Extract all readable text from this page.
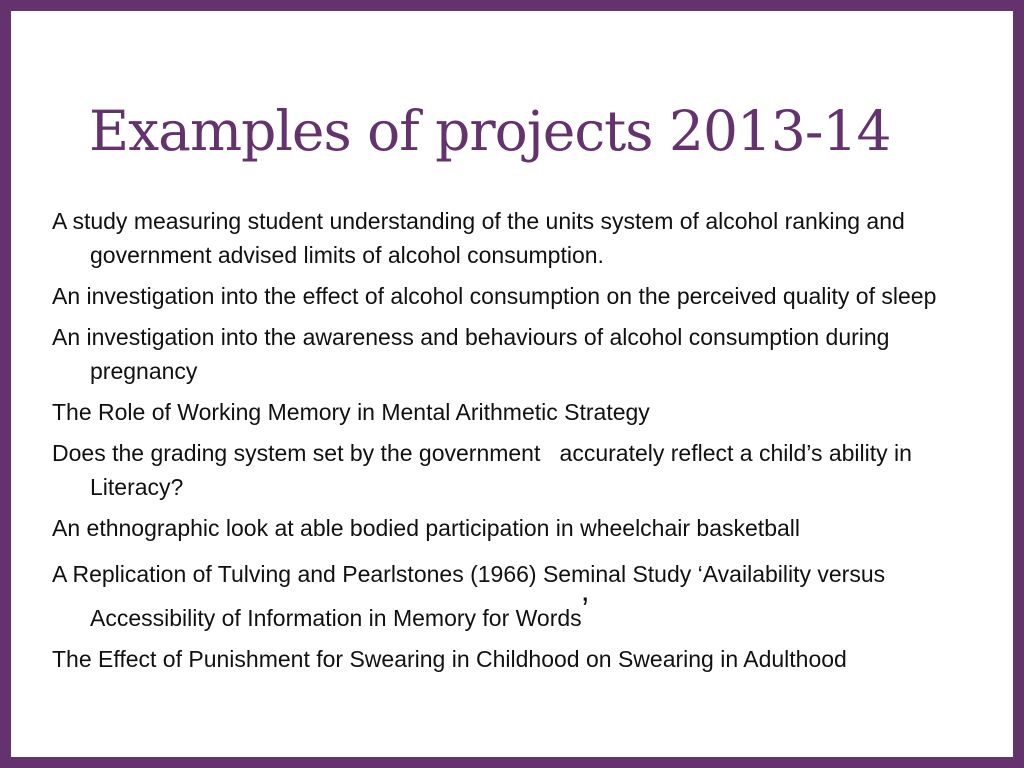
Examples of projects 2013-14
A study measuring student understanding of the units system of alcohol ranking and government advised limits of alcohol consumption.
An investigation into the effect of alcohol consumption on the perceived quality of sleep
An investigation into the awareness and behaviours of alcohol consumption during pregnancy
The Role of Working Memory in Mental Arithmetic Strategy
Does the grading system set by the government   accurately reflect a child’s ability in Literacy?
An ethnographic look at able bodied participation in wheelchair basketball
A Replication of Tulving and Pearlstones (1966) Seminal Study ‘Availability versus Accessibility of Information in Memory for Words’
The Effect of Punishment for Swearing in Childhood on Swearing in Adulthood
